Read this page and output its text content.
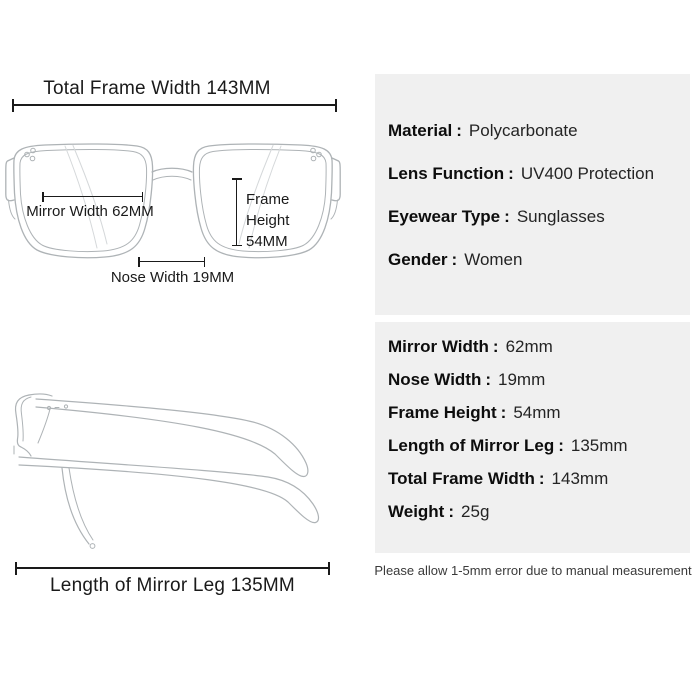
Total Frame Width 143MM
Mirror Width 62MM
Frame
Height
54MM
Nose Width 19MM
Length of Mirror Leg 135MM
Material : Polycarbonate
Lens Function : UV400 Protection
Eyewear Type : Sunglasses
Gender : Women
Mirror Width : 62mm
Nose Width : 19mm
Frame Height : 54mm
Length of Mirror Leg : 135mm
Total Frame Width : 143mm
Weight : 25g
Please allow 1-5mm error due to manual measurement
